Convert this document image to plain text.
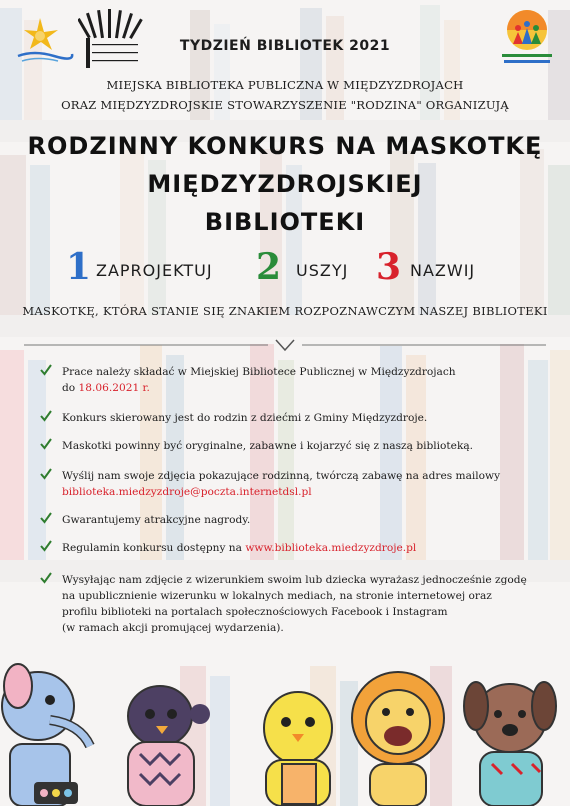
TYDZIEŃ BIBLIOTEK 2021
MIEJSKA BIBLIOTEKA PUBLICZNA W MIĘDZYZDROJACH
ORAZ MIĘDZYZDROJSKIE STOWARZYSZENIE "RODZINA" ORGANIZUJĄ
RODZINNY KONKURS NA MASKOTKĘ
MIĘDZYZDROJSKIEJ
BIBLIOTEKI
1 ZAPROJEKTUJ 2 USZYJ 3 NAZWIJ
MASKOTKĘ, KTÓRA STANIE SIĘ ZNAKIEM ROZPOZNAWCZYM NASZEJ BIBLIOTEKI
Prace należy składać w Miejskiej Bibliotece Publicznej w Międzyzdrojach
do 18.06.2021 r.
Konkurs skierowany jest do rodzin z dziećmi z Gminy Międzyzdroje.
Maskotki powinny być oryginalne, zabawne i kojarzyć się z naszą biblioteką.
Wyślij nam swoje zdjęcia pokazujące rodzinną, twórczą zabawę na adres mailowy
biblioteka.miedzyzdroje@poczta.internetdsl.pl
Gwarantujemy atrakcyjne nagrody.
Regulamin konkursu dostępny na www.biblioteka.miedzyzdroje.pl
Wysyłając nam zdjęcie z wizerunkiem swoim lub dziecka wyrażasz jednocześnie zgodę
na upublicznienie wizerunku w lokalnych mediach, na stronie internetowej oraz
profilu biblioteki na portalach społecznościowych Facebook i Instagram
(w ramach akcji promującej wydarzenia).
